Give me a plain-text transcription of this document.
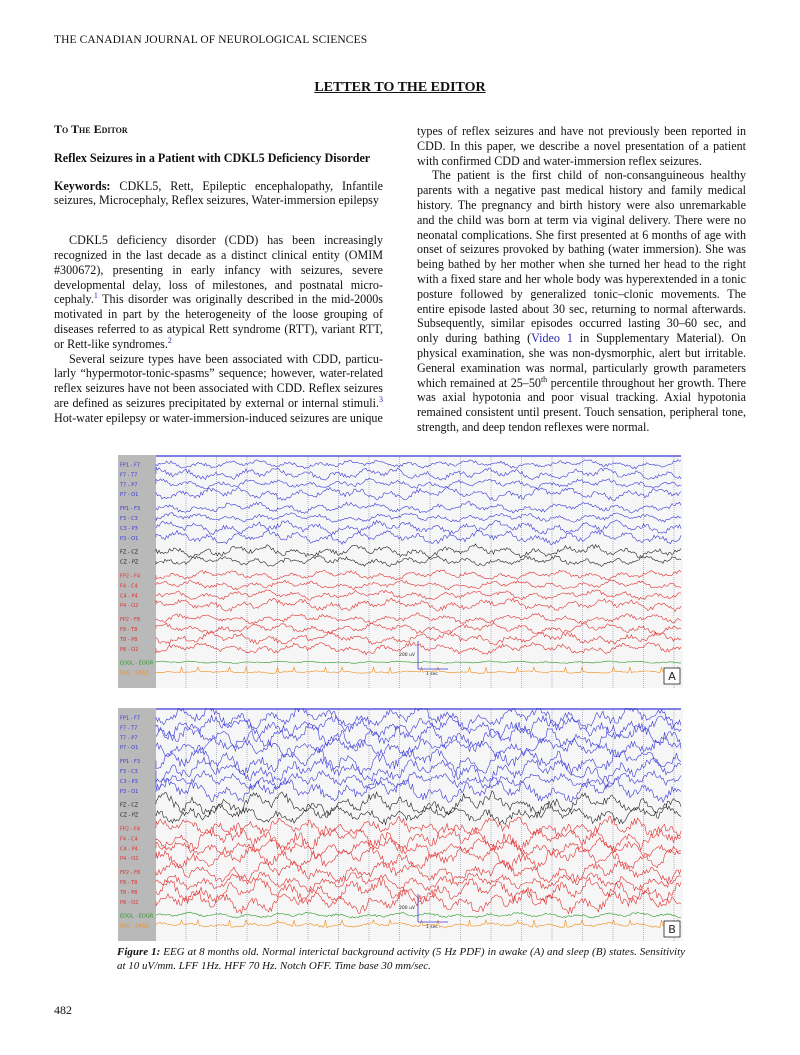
THE CANADIAN JOURNAL OF NEUROLOGICAL SCIENCES
LETTER TO THE EDITOR

To The Editor

Reflex Seizures in a Patient with CDKL5 Deficiency Disorder

Keywords: CDKL5, Rett, Epileptic encephalopathy, Infantile seizures, Microcephaly, Reflex seizures, Water-immersion epilepsy

CDKL5 deficiency disorder (CDD) has been increasingly recognized in the last decade as a distinct clinical entity (OMIM #300672), presenting in early infancy with seizures, severe developmental delay, loss of milestones, and postnatal micro-cephaly.$^1$ This disorder was originally described in the mid-2000s motivated in part by the heterogeneity of the loose grouping of diseases referred to as atypical Rett syndrome (RTT), variant RTT, or Rett-like syndromes.$^2$

Several seizure types have been associated with CDD, particu-larly “hypermotor-tonic-spasms” sequence; however, water-related reflex seizures have not been associated with CDD. Reflex seizures are defined as seizures precipitated by external or internal stimuli.$^3$ Hot-water epilepsy or water-immersion-induced seizures are unique

types of reflex seizures and have not previously been reported in CDD. In this paper, we describe a novel presentation of a patient with confirmed CDD and water-immersion reflex seizures.

The patient is the first child of non-consanguineous healthy parents with a negative past medical history and family medical history. The pregnancy and birth history were also unremarkable and the child was born at term via viginal delivery. There were no neonatal complications. She first presented at 6 months of age with onset of seizures provoked by bathing (water immersion). She was being bathed by her mother when she turned her head to the right with a fixed stare and her whole body was hyperextended in a tonic posture followed by generalized tonic–clonic movements. The entire episode lasted about 30 sec, returning to normal afterwards. Subsequently, similar episodes occurred lasting 30–60 sec, and only during bathing (Video 1 in Supplementary Material). On physical examination, she was non-dysmorphic, alert but irritable. General examination was normal, particularly growth parameters which remained at 25–50th percentile throughout her growth. There was axial hypotonia and poor visual tracking. Axial hypotonia remained consistent until present. Touch sensation, peripheral tone, strength, and deep tendon reflexes were normal.

FP1 - F7
F7 - T7
T7 - P7
P7 - O1
FP1 - F3
F3 - C3
C3 - P3
P3 - O1
FZ - CZ
CZ - PZ
FP2 - F4
F4 - C4
C4 - P4
P4 - O2
FP2 - F8
F8 - T8
T8 - P8
P8 - O2
EOGL - EOGR
EKG - EKG2
200 uV
1 sec	A
FP1 - F7
F7 - T7
T7 - P7
P7 - O1
FP1 - F3
F3 - C3
C3 - P3
P3 - O1
FZ - CZ
CZ - PZ
FP2 - F4
F4 - C4
C4 - P4
P4 - O2
FP2 - F8
F8 - T8
T8 - P8
P8 - O2
EOGL - EOGR
EKG - EKG2
200 uV
1 sec	B
Figure 1: EEG at 8 months old. Normal interictal background activity (5 Hz PDF) in awake (A) and sleep (B) states. Sensitivity at 10 uV/mm. LFF 1Hz. HFF 70 Hz. Notch OFF. Time base 30 mm/sec.
482
